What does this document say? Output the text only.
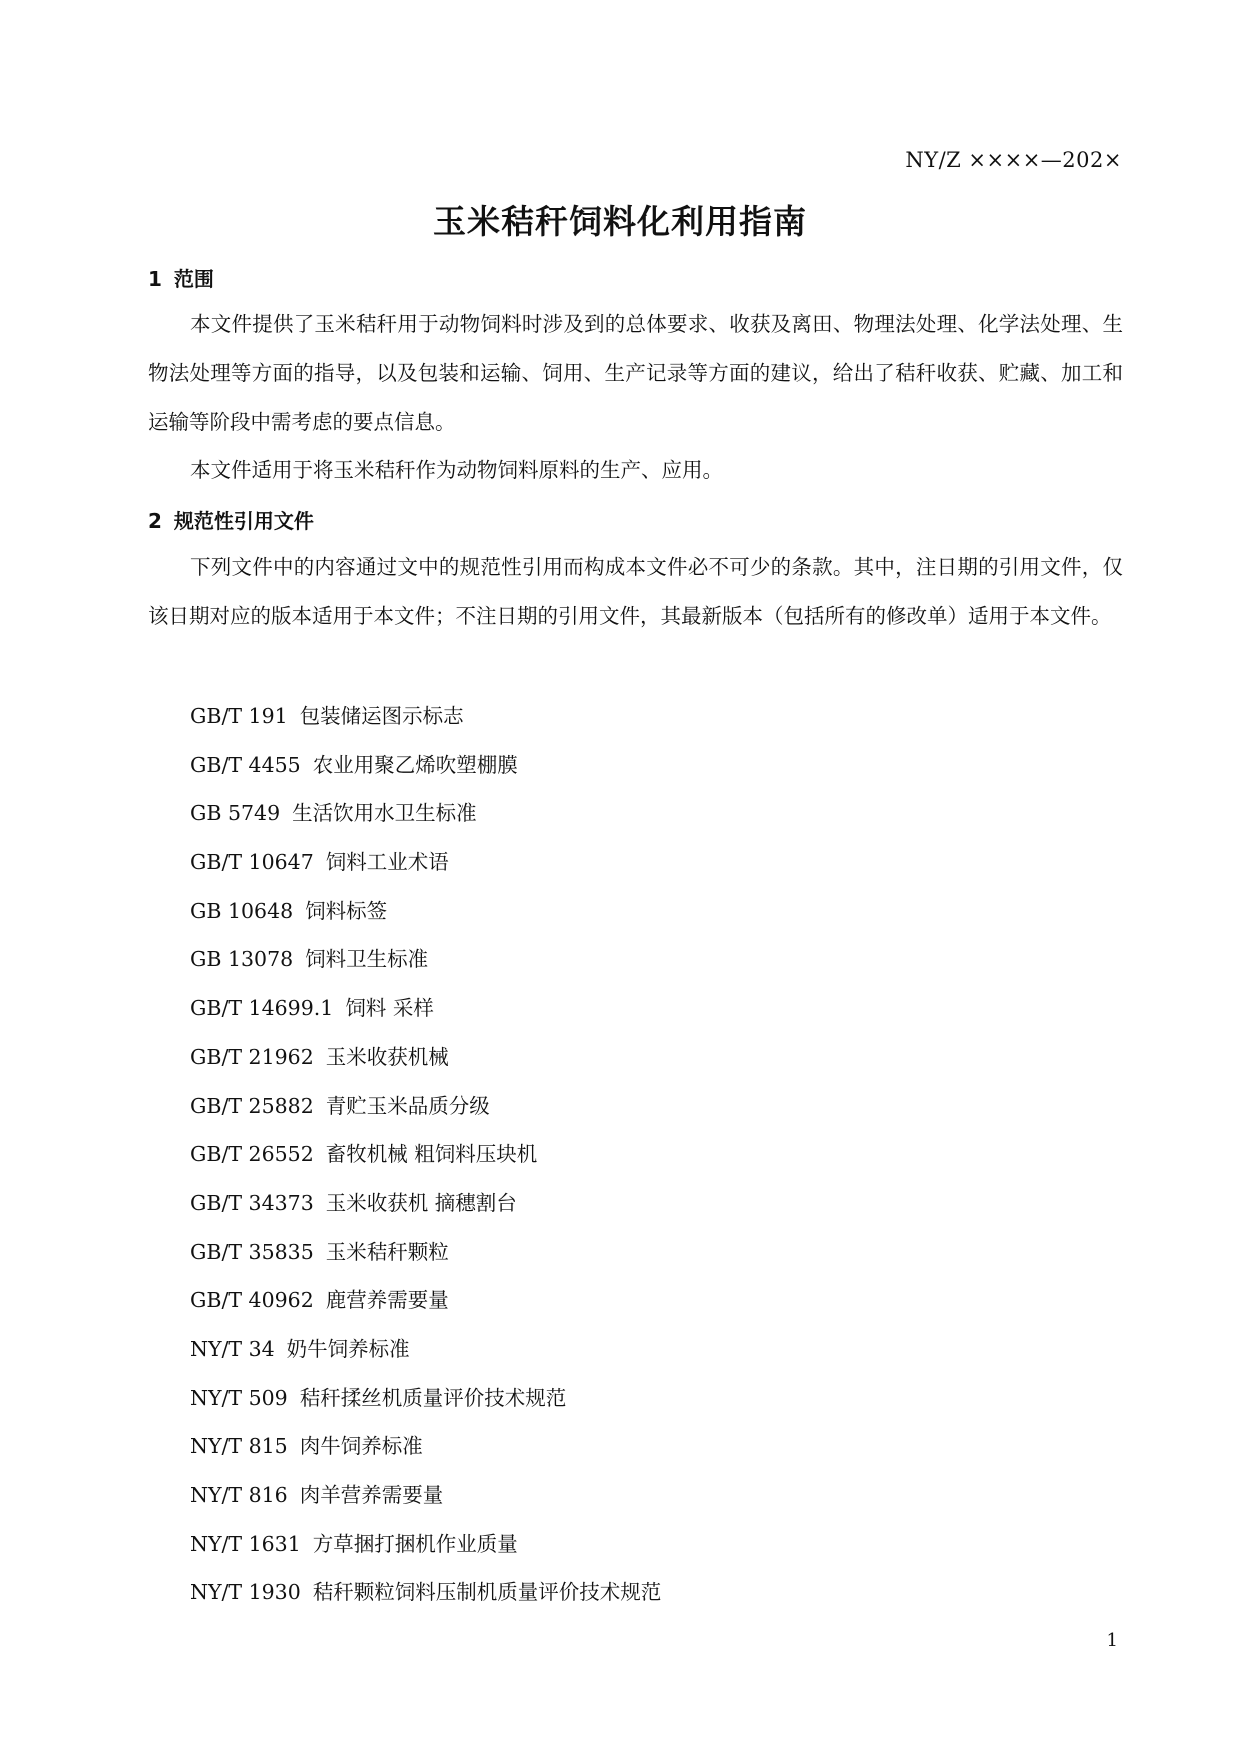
NY/Z ××××—202×
玉米秸秆饲料化利用指南
1 范围

本文件提供了玉米秸秆用于动物饲料时涉及到的总体要求、收获及离田、物理法处理、化学法处理、生物法处理等方面的指导，以及包装和运输、饲用、生产记录等方面的建议，给出了秸秆收获、贮藏、加工和运输等阶段中需考虑的要点信息。

本文件适用于将玉米秸秆作为动物饲料原料的生产、应用。

2 规范性引用文件

下列文件中的内容通过文中的规范性引用而构成本文件必不可少的条款。其中，注日期的引用文件，仅该日期对应的版本适用于本文件；不注日期的引用文件，其最新版本（包括所有的修改单）适用于本文件。

GB/T 191 包装储运图示标志
GB/T 4455 农业用聚乙烯吹塑棚膜
GB 5749 生活饮用水卫生标准
GB/T 10647 饲料工业术语
GB 10648 饲料标签
GB 13078 饲料卫生标准
GB/T 14699.1 饲料 采样
GB/T 21962 玉米收获机械
GB/T 25882 青贮玉米品质分级
GB/T 26552 畜牧机械 粗饲料压块机
GB/T 34373 玉米收获机 摘穗割台
GB/T 35835 玉米秸秆颗粒
GB/T 40962 鹿营养需要量
NY/T 34 奶牛饲养标准
NY/T 509 秸秆揉丝机质量评价技术规范
NY/T 815 肉牛饲养标准
NY/T 816 肉羊营养需要量
NY/T 1631 方草捆打捆机作业质量
NY/T 1930 秸秆颗粒饲料压制机质量评价技术规范
1
